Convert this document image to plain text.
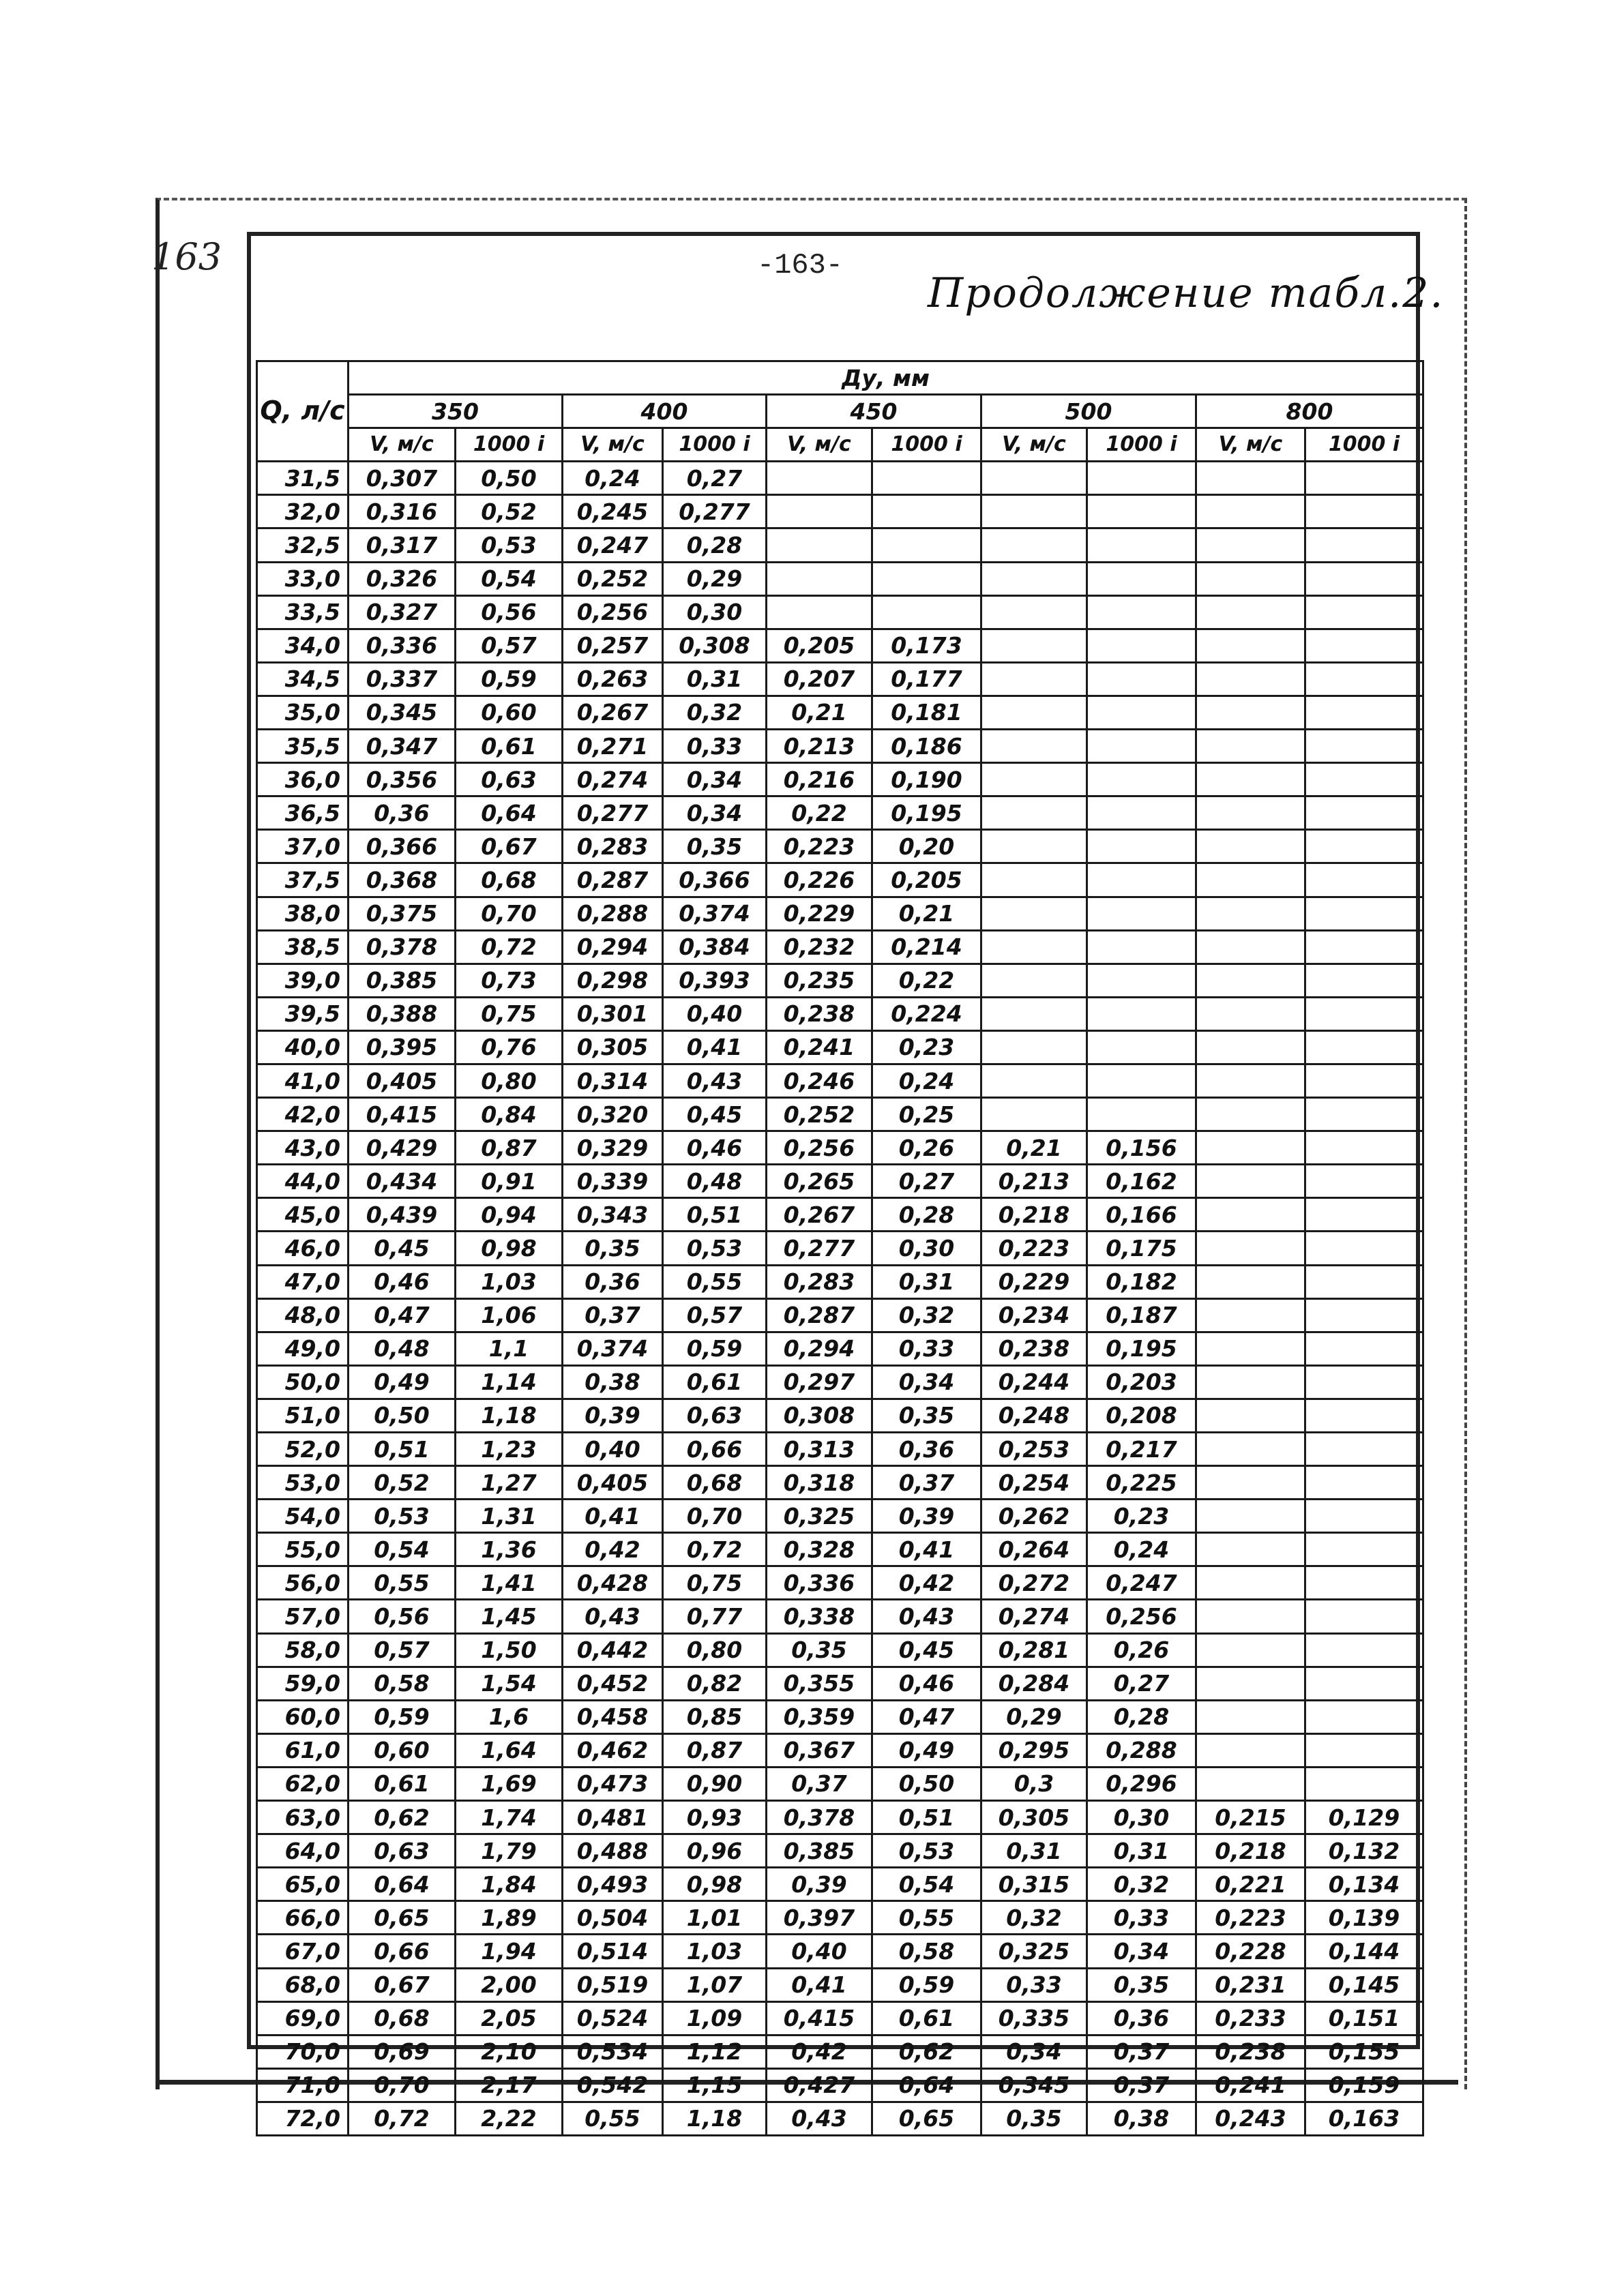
163	-163-
Продолжение табл.2.
Q, л/с	Ду, мм									
	350		400		450		500		800	
	V, м/с	1000 i	V, м/с	1000 i	V, м/с	1000 i	V, м/с	1000 i	V, м/с	1000 i
31,5	0,307	0,50	0,24	0,27						
32,0	0,316	0,52	0,245	0,277						
32,5	0,317	0,53	0,247	0,28						
33,0	0,326	0,54	0,252	0,29						
33,5	0,327	0,56	0,256	0,30						
34,0	0,336	0,57	0,257	0,308	0,205	0,173				
34,5	0,337	0,59	0,263	0,31	0,207	0,177				
35,0	0,345	0,60	0,267	0,32	0,21	0,181				
35,5	0,347	0,61	0,271	0,33	0,213	0,186				
36,0	0,356	0,63	0,274	0,34	0,216	0,190				
36,5	0,36	0,64	0,277	0,34	0,22	0,195				
37,0	0,366	0,67	0,283	0,35	0,223	0,20				
37,5	0,368	0,68	0,287	0,366	0,226	0,205				
38,0	0,375	0,70	0,288	0,374	0,229	0,21				
38,5	0,378	0,72	0,294	0,384	0,232	0,214				
39,0	0,385	0,73	0,298	0,393	0,235	0,22				
39,5	0,388	0,75	0,301	0,40	0,238	0,224				
40,0	0,395	0,76	0,305	0,41	0,241	0,23				
41,0	0,405	0,80	0,314	0,43	0,246	0,24				
42,0	0,415	0,84	0,320	0,45	0,252	0,25				
43,0	0,429	0,87	0,329	0,46	0,256	0,26	0,21	0,156		
44,0	0,434	0,91	0,339	0,48	0,265	0,27	0,213	0,162		
45,0	0,439	0,94	0,343	0,51	0,267	0,28	0,218	0,166		
46,0	0,45	0,98	0,35	0,53	0,277	0,30	0,223	0,175		
47,0	0,46	1,03	0,36	0,55	0,283	0,31	0,229	0,182		
48,0	0,47	1,06	0,37	0,57	0,287	0,32	0,234	0,187		
49,0	0,48	1,1	0,374	0,59	0,294	0,33	0,238	0,195		
50,0	0,49	1,14	0,38	0,61	0,297	0,34	0,244	0,203		
51,0	0,50	1,18	0,39	0,63	0,308	0,35	0,248	0,208		
52,0	0,51	1,23	0,40	0,66	0,313	0,36	0,253	0,217		
53,0	0,52	1,27	0,405	0,68	0,318	0,37	0,254	0,225		
54,0	0,53	1,31	0,41	0,70	0,325	0,39	0,262	0,23		
55,0	0,54	1,36	0,42	0,72	0,328	0,41	0,264	0,24		
56,0	0,55	1,41	0,428	0,75	0,336	0,42	0,272	0,247		
57,0	0,56	1,45	0,43	0,77	0,338	0,43	0,274	0,256		
58,0	0,57	1,50	0,442	0,80	0,35	0,45	0,281	0,26		
59,0	0,58	1,54	0,452	0,82	0,355	0,46	0,284	0,27		
60,0	0,59	1,6	0,458	0,85	0,359	0,47	0,29	0,28		
61,0	0,60	1,64	0,462	0,87	0,367	0,49	0,295	0,288		
62,0	0,61	1,69	0,473	0,90	0,37	0,50	0,3	0,296		
63,0	0,62	1,74	0,481	0,93	0,378	0,51	0,305	0,30	0,215	0,129
64,0	0,63	1,79	0,488	0,96	0,385	0,53	0,31	0,31	0,218	0,132
65,0	0,64	1,84	0,493	0,98	0,39	0,54	0,315	0,32	0,221	0,134
66,0	0,65	1,89	0,504	1,01	0,397	0,55	0,32	0,33	0,223	0,139
67,0	0,66	1,94	0,514	1,03	0,40	0,58	0,325	0,34	0,228	0,144
68,0	0,67	2,00	0,519	1,07	0,41	0,59	0,33	0,35	0,231	0,145
69,0	0,68	2,05	0,524	1,09	0,415	0,61	0,335	0,36	0,233	0,151
70,0	0,69	2,10	0,534	1,12	0,42	0,62	0,34	0,37	0,238	0,155
71,0	0,70	2,17	0,542	1,15	0,427	0,64	0,345	0,37	0,241	0,159
72,0	0,72	2,22	0,55	1,18	0,43	0,65	0,35	0,38	0,243	0,163
